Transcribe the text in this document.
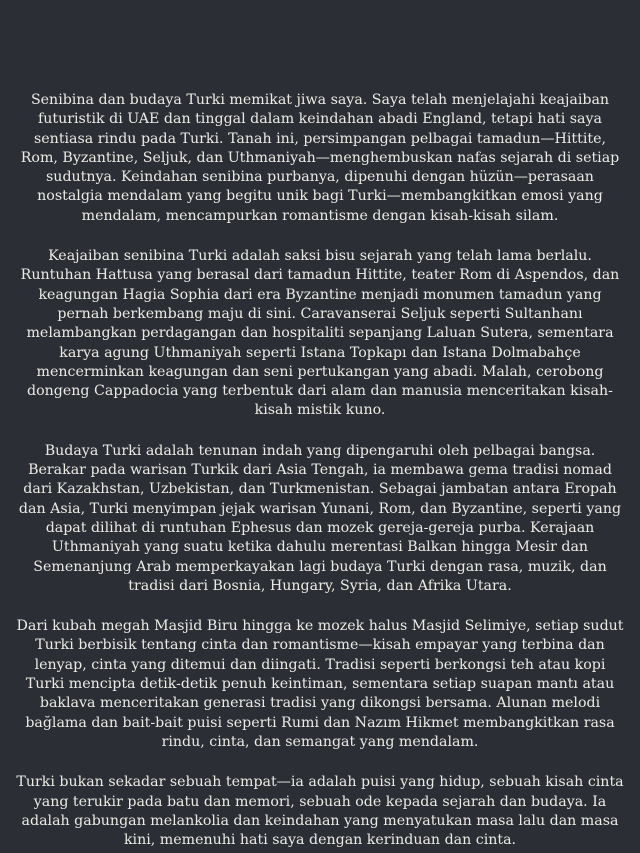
Senibina dan budaya Turki memikat jiwa saya. Saya telah menjelajahi keajaiban futuristik di UAE dan tinggal dalam keindahan abadi England, tetapi hati saya sentiasa rindu pada Turki. Tanah ini, persimpangan pelbagai tamadun—Hittite, Rom, Byzantine, Seljuk, dan Uthmaniyah—menghembuskan nafas sejarah di setiap sudutnya. Keindahan senibina purbanya, dipenuhi dengan hüzün—perasaan nostalgia mendalam yang begitu unik bagi Turki—membangkitkan emosi yang mendalam, mencampurkan romantisme dengan kisah-kisah silam.

Keajaiban senibina Turki adalah saksi bisu sejarah yang telah lama berlalu. Runtuhan Hattusa yang berasal dari tamadun Hittite, teater Rom di Aspendos, dan keagungan Hagia Sophia dari era Byzantine menjadi monumen tamadun yang pernah berkembang maju di sini. Caravanserai Seljuk seperti Sultanhanı melambangkan perdagangan dan hospitaliti sepanjang Laluan Sutera, sementara karya agung Uthmaniyah seperti Istana Topkapı dan Istana Dolmabahçe mencerminkan keagungan dan seni pertukangan yang abadi. Malah, cerobong dongeng Cappadocia yang terbentuk dari alam dan manusia menceritakan kisah-kisah mistik kuno.

Budaya Turki adalah tenunan indah yang dipengaruhi oleh pelbagai bangsa. Berakar pada warisan Turkik dari Asia Tengah, ia membawa gema tradisi nomad dari Kazakhstan, Uzbekistan, dan Turkmenistan. Sebagai jambatan antara Eropah dan Asia, Turki menyimpan jejak warisan Yunani, Rom, dan Byzantine, seperti yang dapat dilihat di runtuhan Ephesus dan mozek gereja-gereja purba. Kerajaan Uthmaniyah yang suatu ketika dahulu merentasi Balkan hingga Mesir dan Semenanjung Arab memperkayakan lagi budaya Turki dengan rasa, muzik, dan tradisi dari Bosnia, Hungary, Syria, dan Afrika Utara.

Dari kubah megah Masjid Biru hingga ke mozek halus Masjid Selimiye, setiap sudut Turki berbisik tentang cinta dan romantisme—kisah empayar yang terbina dan lenyap, cinta yang ditemui dan diingati. Tradisi seperti berkongsi teh atau kopi Turki mencipta detik-detik penuh keintiman, sementara setiap suapan mantı atau baklava menceritakan generasi tradisi yang dikongsi bersama. Alunan melodi bağlama dan bait-bait puisi seperti Rumi dan Nazım Hikmet membangkitkan rasa rindu, cinta, dan semangat yang mendalam.

Turki bukan sekadar sebuah tempat—ia adalah puisi yang hidup, sebuah kisah cinta yang terukir pada batu dan memori, sebuah ode kepada sejarah dan budaya. Ia adalah gabungan melankolia dan keindahan yang menyatukan masa lalu dan masa kini, memenuhi hati saya dengan kerinduan dan cinta.
